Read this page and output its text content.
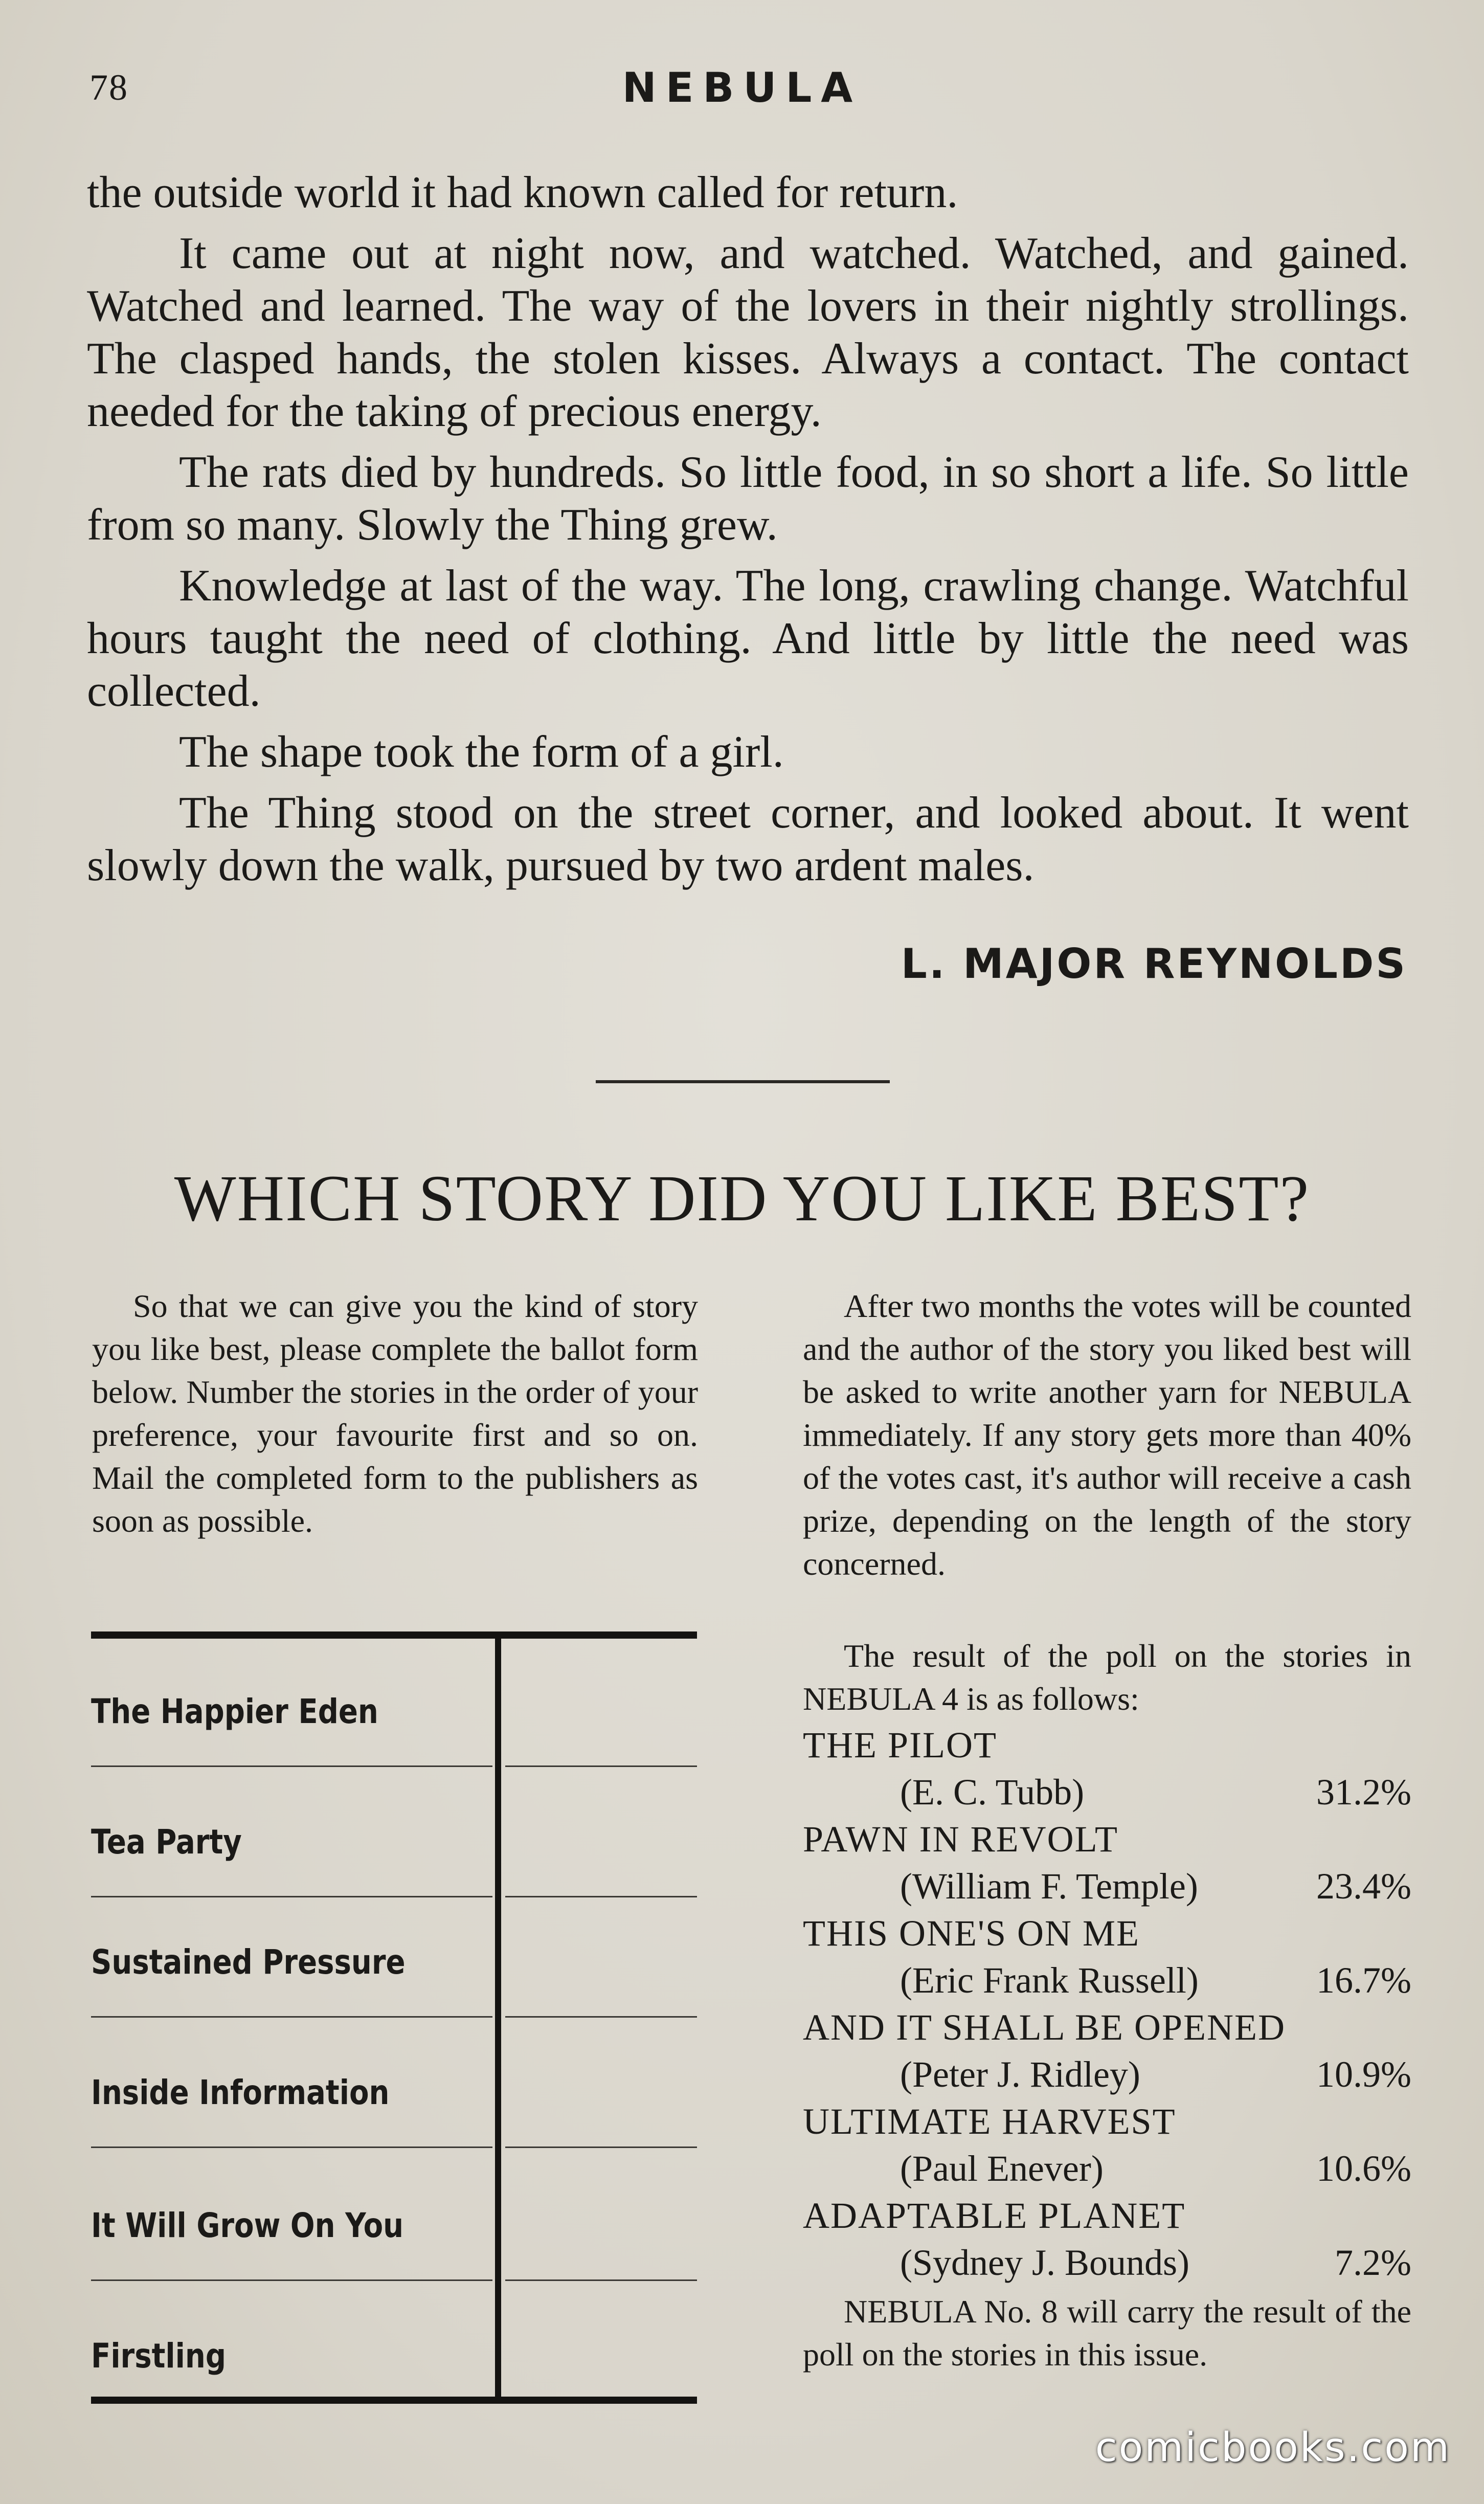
78	NEBULA

the outside world it had known called for return.

It came out at night now, and watched. Watched, and gained. Watched and learned. The way of the lovers in their nightly strollings. The clasped hands, the stolen kisses. Always a contact. The contact needed for the taking of precious energy.

The rats died by hundreds. So little food, in so short a life. So little from so many. Slowly the Thing grew.

Knowledge at last of the way. The long, crawling change. Watchful hours taught the need of clothing. And little by little the need was collected.

The shape took the form of a girl.

The Thing stood on the street corner, and looked about. It went slowly down the walk, pursued by two ardent males.

L. MAJOR REYNOLDS
WHICH STORY DID YOU LIKE BEST?
So that we can give you the kind of story you like best, please complete the ballot form below. Number the stories in the order of your preference, your favourite first and so on. Mail the completed form to the publishers as soon as possible.
After two months the votes will be counted and the author of the story you liked best will be asked to write another yarn for NEBULA immediately. If any story gets more than 40% of the votes cast, it's author will receive a cash prize, depending on the length of the story concerned.
The Happier Eden
Tea Party
Sustained Pressure
Inside Information
It Will Grow On You
Firstling

The result of the poll on the stories in NEBULA 4 is as follows:

THE PILOT
(E. C. Tubb)	31.2%
PAWN IN REVOLT
(William F. Temple)	23.4%
THIS ONE'S ON ME
(Eric Frank Russell)	16.7%
AND IT SHALL BE OPENED
(Peter J. Ridley)	10.9%
ULTIMATE HARVEST
(Paul Enever)	10.6%
ADAPTABLE PLANET
(Sydney J. Bounds)	7.2%

NEBULA No. 8 will carry the result of the poll on the stories in this issue.

comicbooks.com
